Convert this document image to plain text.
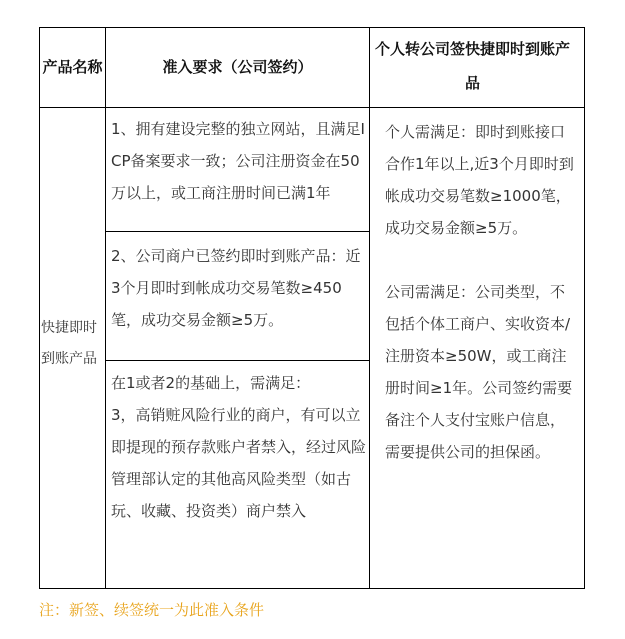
产品名称	准入要求（公司签约）
个人转公司签快捷即时到账产品
快捷即时到账产品
1、拥有建设完整的独立网站，且满足ICP备案要求一致；公司注册资金在50万以上，或工商注册时间已满1年
2、公司商户已签约即时到账产品：近3个月即时到帐成功交易笔数≥450笔，成功交易金额≥5万。
在1或者2的基础上，需满足：
3，高销赃风险行业的商户，有可以立即提现的预存款账户者禁入，经过风险管理部认定的其他高风险类型（如古玩、收藏、投资类）商户禁入
个人需满足：即时到账接口合作1年以上,近3个月即时到帐成功交易笔数≥1000笔，成功交易金额≥5万。
公司需满足：公司类型，不包括个体工商户、实收资本/注册资本≥50W，或工商注册时间≥1年。公司签约需要备注个人支付宝账户信息，需要提供公司的担保函。
注：新签、续签统一为此准入条件
